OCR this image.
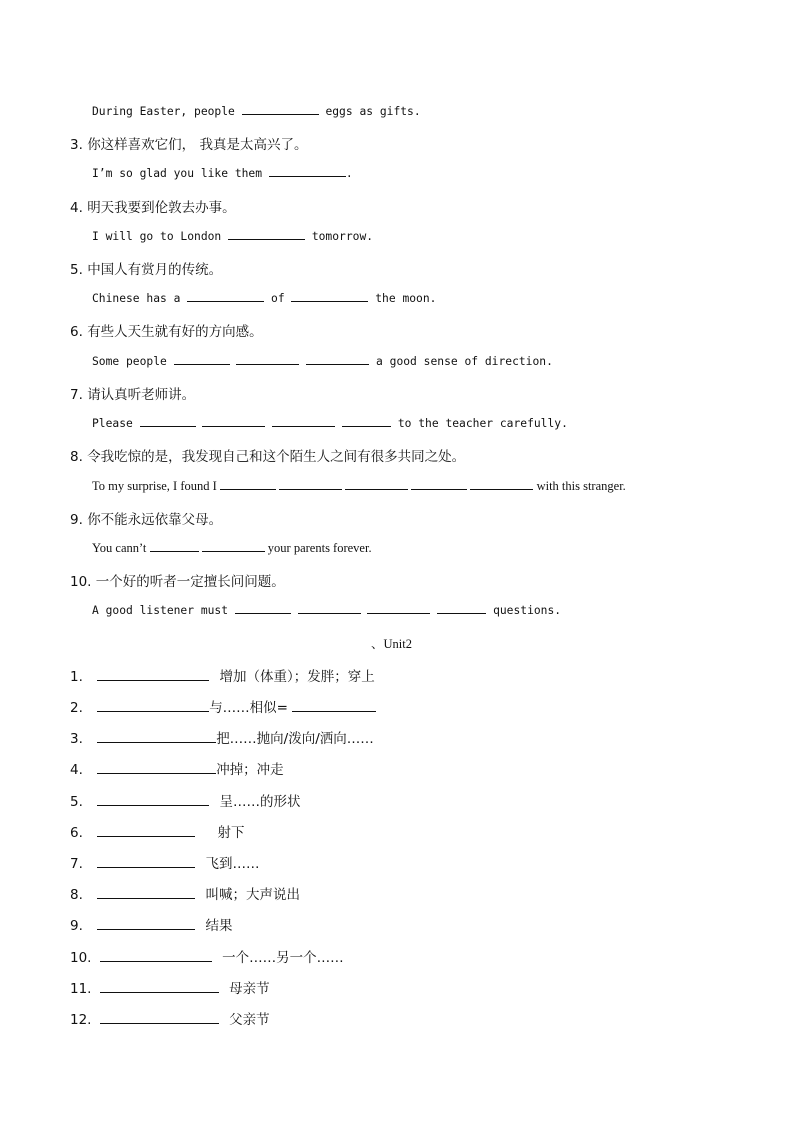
During Easter, people	eggs as gifts.
3. 你这样喜欢它们， 我真是太高兴了。
I’m so glad you like them	.
4. 明天我要到伦敦去办事。
I will go to London	tomorrow.
5. 中国人有赏月的传统。
Chinese has a	of	the moon.
6. 有些人天生就有好的方向感。
Some people	a good sense of direction.
7. 请认真听老师讲。
Please	to the teacher carefully.
8. 令我吃惊的是，我发现自己和这个陌生人之间有很多共同之处。
To my surprise, I found I	with this stranger.
9. 你不能永远依靠父母。
You cann’t	your parents forever.
10. 一个好的听者一定擅长问问题。
A good listener must	questions.
、Unit2
1.	增加（体重）；发胖；穿上
2.	与……相似=
3.	把……抛向/泼向/洒向……
4.	冲掉；冲走
5.	呈……的形状
6.	射下
7.	飞到……
8.	叫喊；大声说出
9.	结果
10.	一个……另一个……
11.	母亲节
12.	父亲节
